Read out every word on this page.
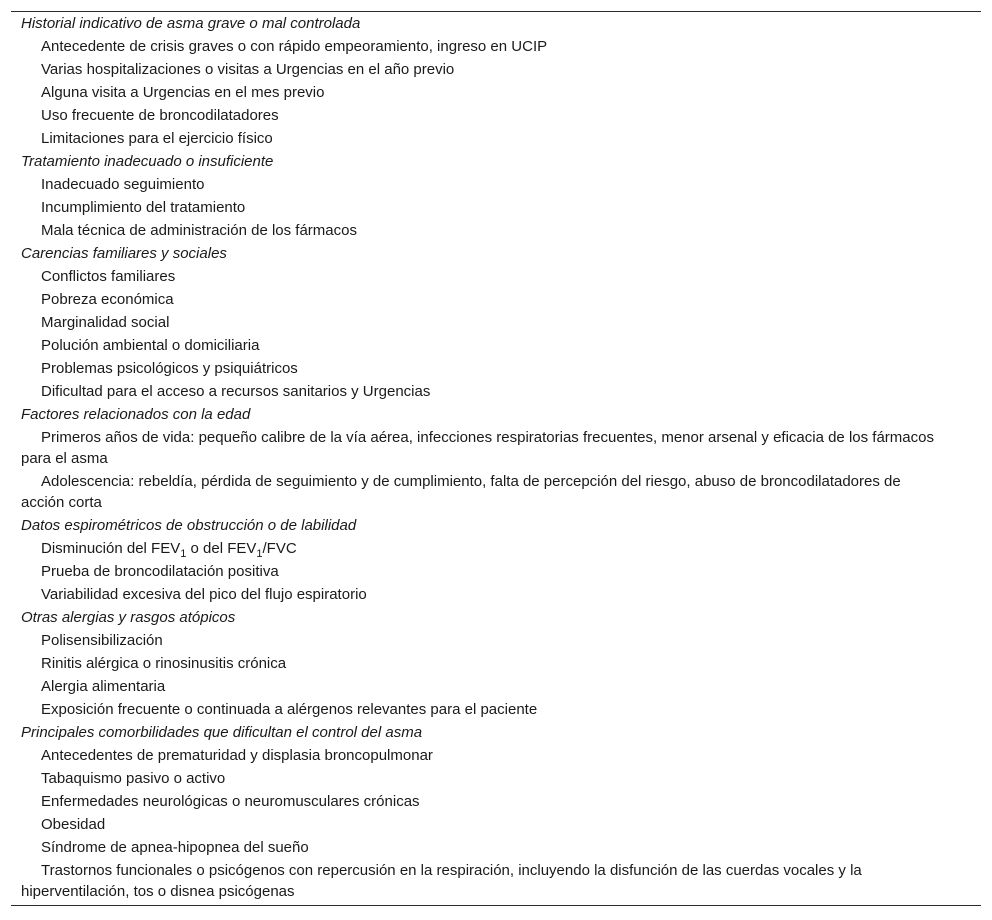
Historial indicativo de asma grave o mal controlada
Antecedente de crisis graves o con rápido empeoramiento, ingreso en UCIP
Varias hospitalizaciones o visitas a Urgencias en el año previo
Alguna visita a Urgencias en el mes previo
Uso frecuente de broncodilatadores
Limitaciones para el ejercicio físico
Tratamiento inadecuado o insuficiente
Inadecuado seguimiento
Incumplimiento del tratamiento
Mala técnica de administración de los fármacos
Carencias familiares y sociales
Conflictos familiares
Pobreza económica
Marginalidad social
Polución ambiental o domiciliaria
Problemas psicológicos y psiquiátricos
Dificultad para el acceso a recursos sanitarios y Urgencias
Factores relacionados con la edad
Primeros años de vida: pequeño calibre de la vía aérea, infecciones respiratorias frecuentes, menor arsenal y eficacia de los fármacos para el asma
Adolescencia: rebeldía, pérdida de seguimiento y de cumplimiento, falta de percepción del riesgo, abuso de broncodilatadores de acción corta
Datos espirométricos de obstrucción o de labilidad
Disminución del $FEV_1$ o del $FEV_1$/FVC
Prueba de broncodilatación positiva
Variabilidad excesiva del pico del flujo espiratorio
Otras alergias y rasgos atópicos
Polisensibilización
Rinitis alérgica o rinosinusitis crónica
Alergia alimentaria
Exposición frecuente o continuada a alérgenos relevantes para el paciente
Principales comorbilidades que dificultan el control del asma
Antecedentes de prematuridad y displasia broncopulmonar
Tabaquismo pasivo o activo
Enfermedades neurológicas o neuromusculares crónicas
Obesidad
Síndrome de apnea-hipopnea del sueño
Trastornos funcionales o psicógenos con repercusión en la respiración, incluyendo la disfunción de las cuerdas vocales y la hiperventilación, tos o disnea psicógenas
